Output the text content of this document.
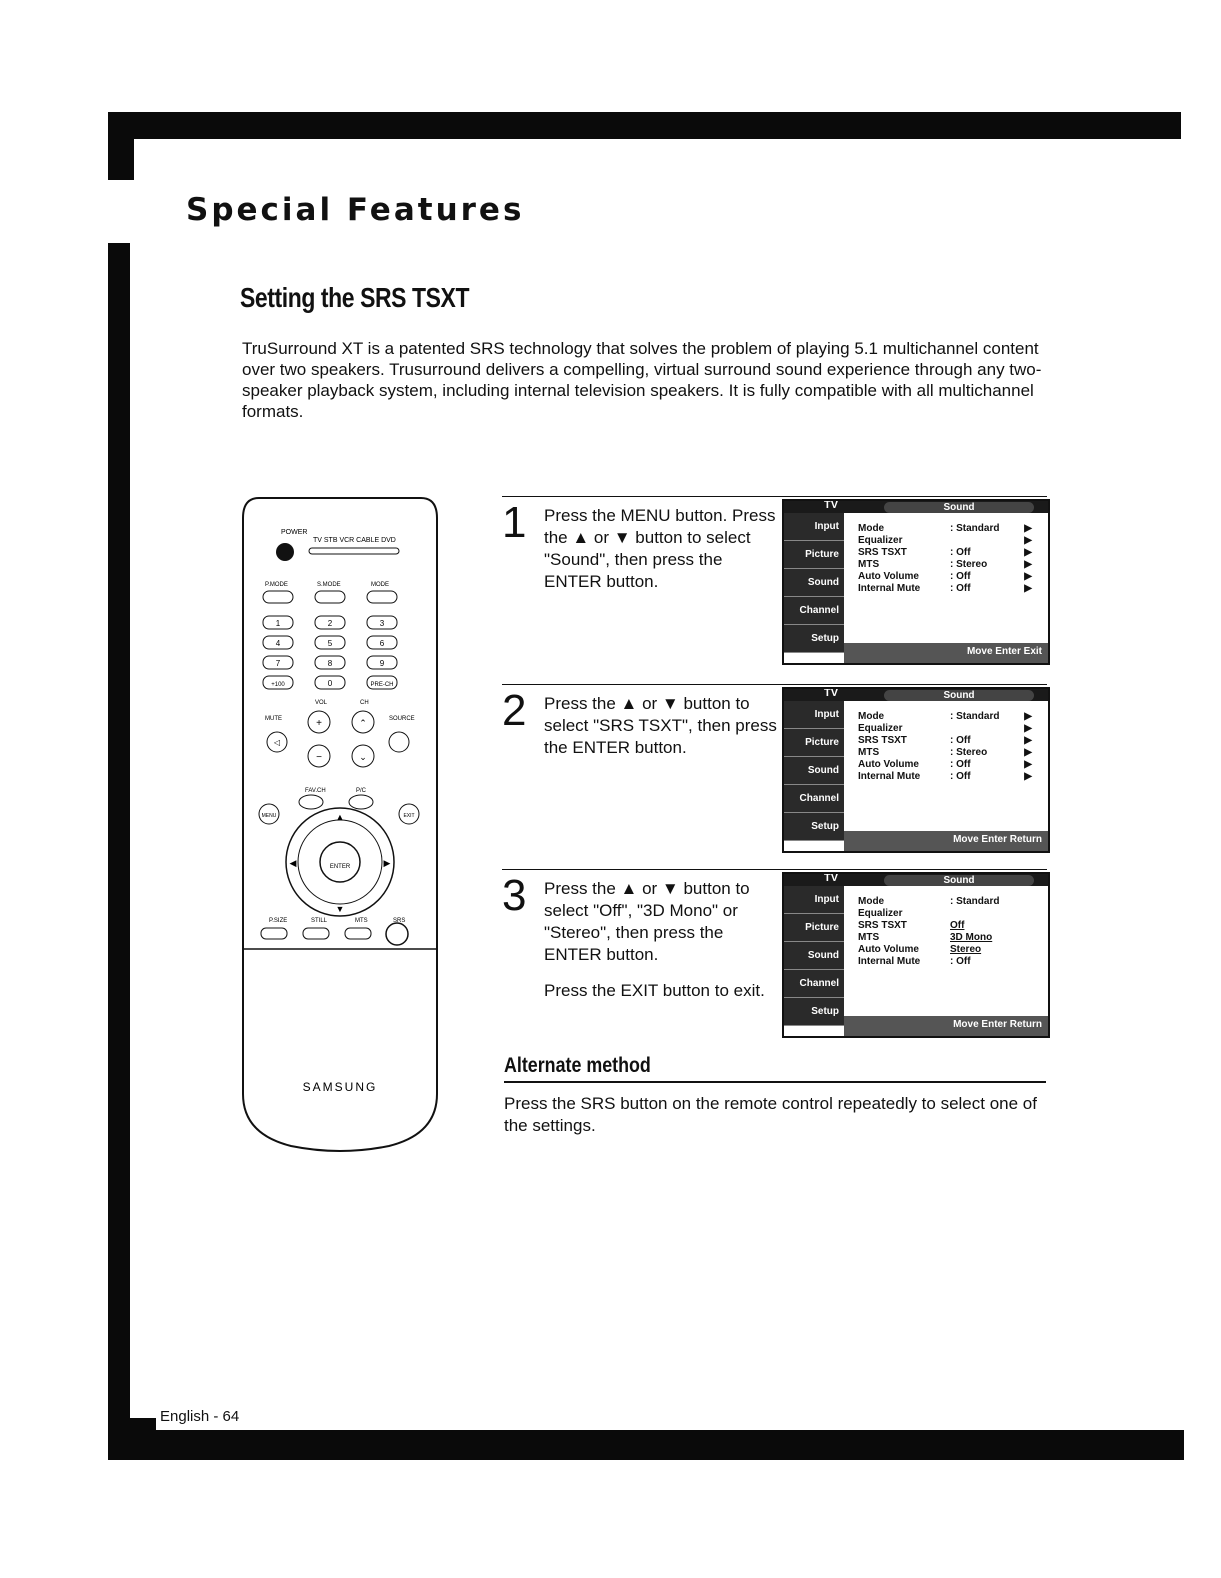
Special Features
Setting the SRS TSXT
TruSurround XT is a patented SRS technology that solves the problem of playing 5.1 multichannel content over two speakers. Trusurround delivers a compelling, virtual surround sound experience through any two-speaker playback system, including internal television speakers. It is fully compatible with all multichannel formats.
POWER
TV STB VCR CABLE DVD
P.MODE	S.MODE	MODE
1	2	3
4	5	6
7	8	9
+100	0	PRE-CH
VOL	CH
MUTE	SOURCE
◁
+
−
⌃
⌄
FAV.CH	P/C
MENU	EXIT
▲
▼
◀	▶
ENTER
P.SIZE	STILL	MTS	SRS
SAMSUNG
1 Press the MENU button. Press the ▲ or ▼ button to select "Sound", then press the ENTER button.

TV	Sound
Input
Picture
Sound
Channel
Setup
Mode	: Standard	▶
Equalizer	▶
SRS TSXT	: Off	▶
MTS	: Stereo	▶
Auto Volume	: Off	▶
Internal Mute	: Off	▶
Move Enter Exit
2 Press the ▲ or ▼ button to select "SRS TSXT", then press the ENTER button.

TV	Sound
Input
Picture
Sound
Channel
Setup
Mode	: Standard	▶
Equalizer	▶
SRS TSXT	: Off	▶
MTS	: Stereo	▶
Auto Volume	: Off	▶
Internal Mute	: Off	▶
Move Enter Return
3 Press the ▲ or ▼ button to select "Off", "3D Mono" or "Stereo", then press the ENTER button.

Press the EXIT button to exit.

TV	Sound
Input
Picture
Sound
Channel
Setup
Mode	: Standard
Equalizer
SRS TSXT	Off
MTS	3D Mono
Auto Volume	Stereo
Internal Mute	: Off
Move Enter Return
Alternate method
Press the SRS button on the remote control repeatedly to select one of the settings.
English - 64
